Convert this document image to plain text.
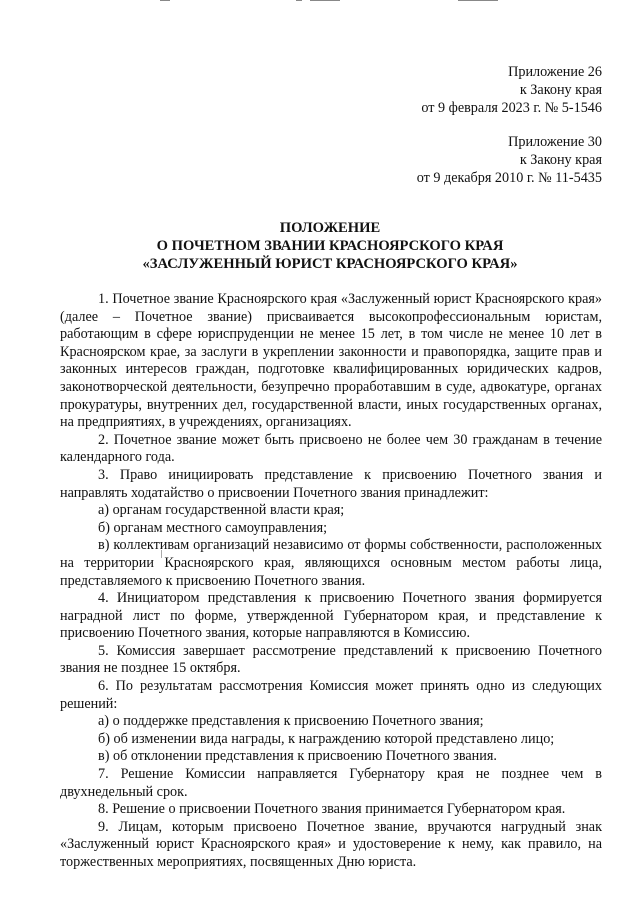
Приложение 26
к Закону края
от 9 февраля 2023 г. № 5-1546
Приложение 30
к Закону края
от 9 декабря 2010 г. № 11-5435
ПОЛОЖЕНИЕ
О ПОЧЕТНОМ ЗВАНИИ КРАСНОЯРСКОГО КРАЯ
«ЗАСЛУЖЕННЫЙ ЮРИСТ КРАСНОЯРСКОГО КРАЯ»

1. Почетное звание Красноярского края «Заслуженный юрист Красноярского края» (далее – Почетное звание) присваивается высокопрофессиональным юристам, работающим в сфере юриспруденции не менее 15 лет, в том числе не менее 10 лет в Красноярском крае, за заслуги в укреплении законности и правопорядка, защите прав и законных интересов граждан, подготовке квалифицированных юридических кадров, законотворческой деятельности, безупречно проработавшим в суде, адвокатуре, органах прокуратуры, внутренних дел, государственной власти, иных государственных органах, на предприятиях, в учреждениях, организациях.

2. Почетное звание может быть присвоено не более чем 30 гражданам в течение календарного года.

3. Право инициировать представление к присвоению Почетного звания и направлять ходатайство о присвоении Почетного звания принадлежит:

а) органам государственной власти края;

б) органам местного самоуправления;

в) коллективам организаций независимо от формы собственности, расположенных на территории Красноярского края, являющихся основным местом работы лица, представляемого к присвоению Почетного звания.

4. Инициатором представления к присвоению Почетного звания формируется наградной лист по форме, утвержденной Губернатором края, и представление к присвоению Почетного звания, которые направляются в Комиссию.

5. Комиссия завершает рассмотрение представлений к присвоению Почетного звания не позднее 15 октября.

6. По результатам рассмотрения Комиссия может принять одно из следующих решений:

а) о поддержке представления к присвоению Почетного звания;

б) об изменении вида награды, к награждению которой представлено лицо;

в) об отклонении представления к присвоению Почетного звания.

7. Решение Комиссии направляется Губернатору края не позднее чем в двухнедельный срок.

8. Решение о присвоении Почетного звания принимается Губернатором края.

9. Лицам, которым присвоено Почетное звание, вручаются нагрудный знак «Заслуженный юрист Красноярского края» и удостоверение к нему, как правило, на торжественных мероприятиях, посвященных Дню юриста.
